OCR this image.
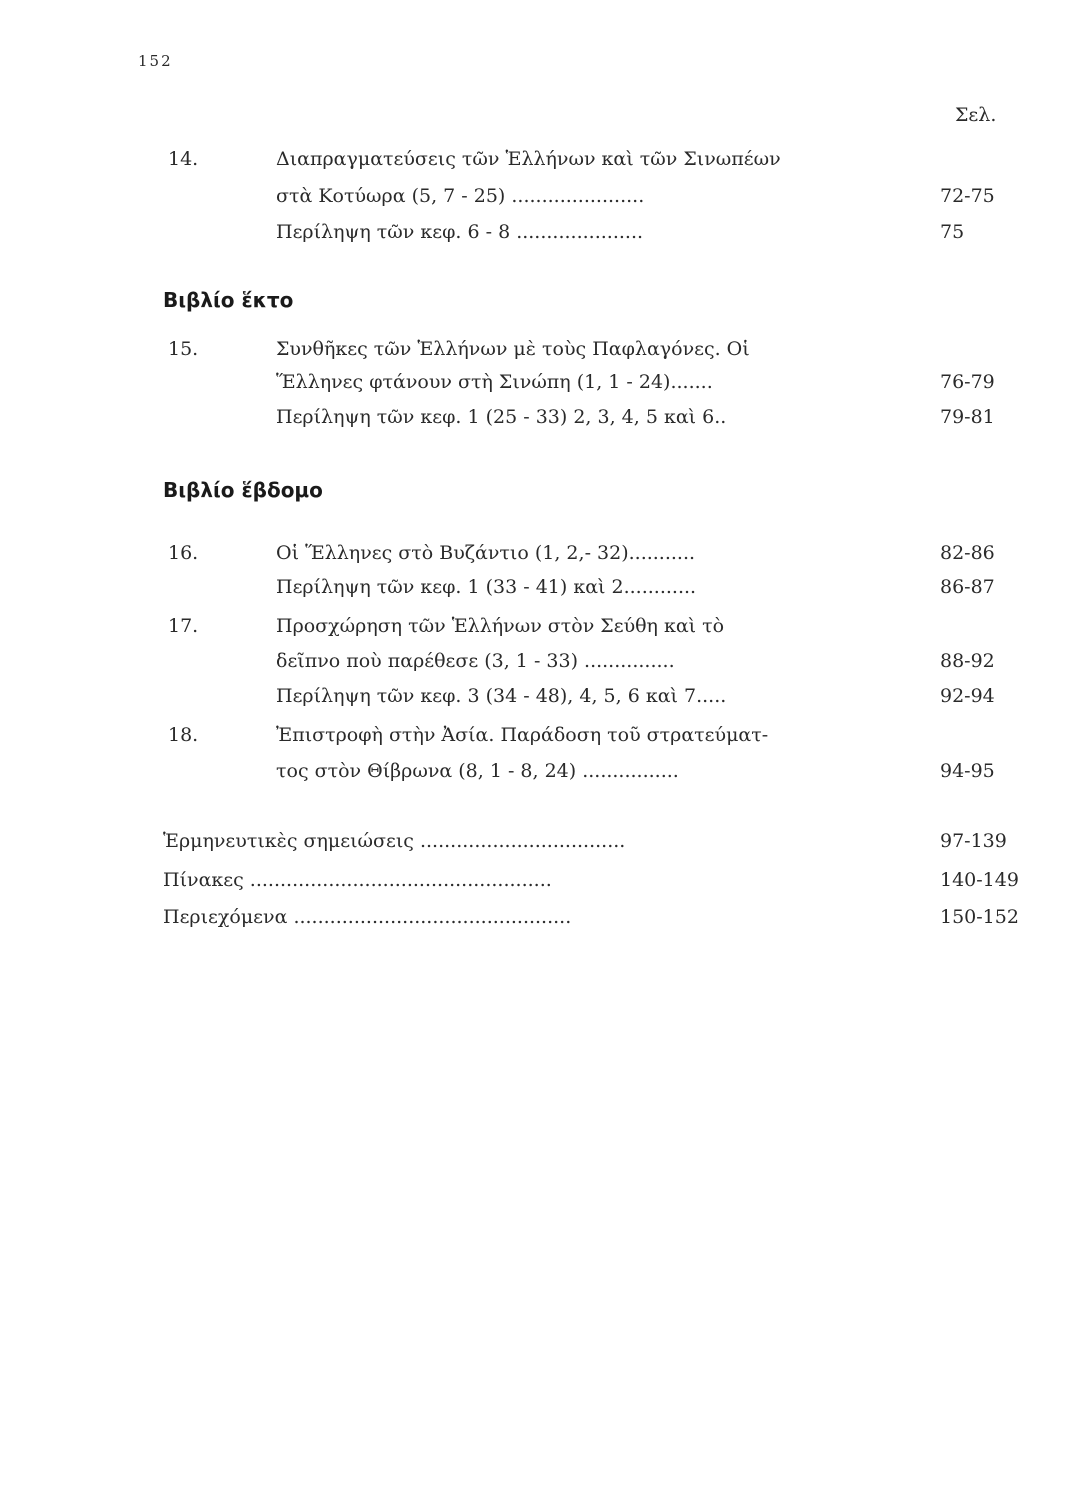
152
Σελ.
14.	Διαπραγματεύσεις τῶν Ἑλλήνων καὶ τῶν Σινωπέων
στὰ Κοτύωρα (5, 7 - 25) ......................	72-75
Περίληψη τῶν κεφ. 6 - 8 .....................	75
Βιβλίο ἕκτο
15.	Συνθῆκες τῶν Ἑλλήνων μὲ τοὺς Παφλαγόνες. Οἱ
Ἕλληνες φτάνουν στὴ Σινώπη (1, 1 - 24).......	76-79
Περίληψη τῶν κεφ. 1 (25 - 33) 2, 3, 4, 5 καὶ 6..	79-81
Βιβλίο ἕβδομο
16.	Οἱ Ἕλληνες στὸ Βυζάντιο (1, 2,- 32)...........	82-86
Περίληψη τῶν κεφ. 1 (33 - 41) καὶ 2............	86-87
17.	Προσχώρηση τῶν Ἑλλήνων στὸν Σεύθη καὶ τὸ
δεῖπνο ποὺ παρέθεσε (3, 1 - 33) ...............	88-92
Περίληψη τῶν κεφ. 3 (34 - 48), 4, 5, 6 καὶ 7.....	92-94
18.	Ἐπιστροφὴ στὴν Ἀσία. Παράδοση τοῦ στρατεύματ-
τος στὸν Θίβρωνα (8, 1 - 8, 24) ................	94-95
Ἑρμηνευτικὲς σημειώσεις ..................................	97-139
Πίνακες ..................................................	140-149
Περιεχόμενα ..............................................	150-152
